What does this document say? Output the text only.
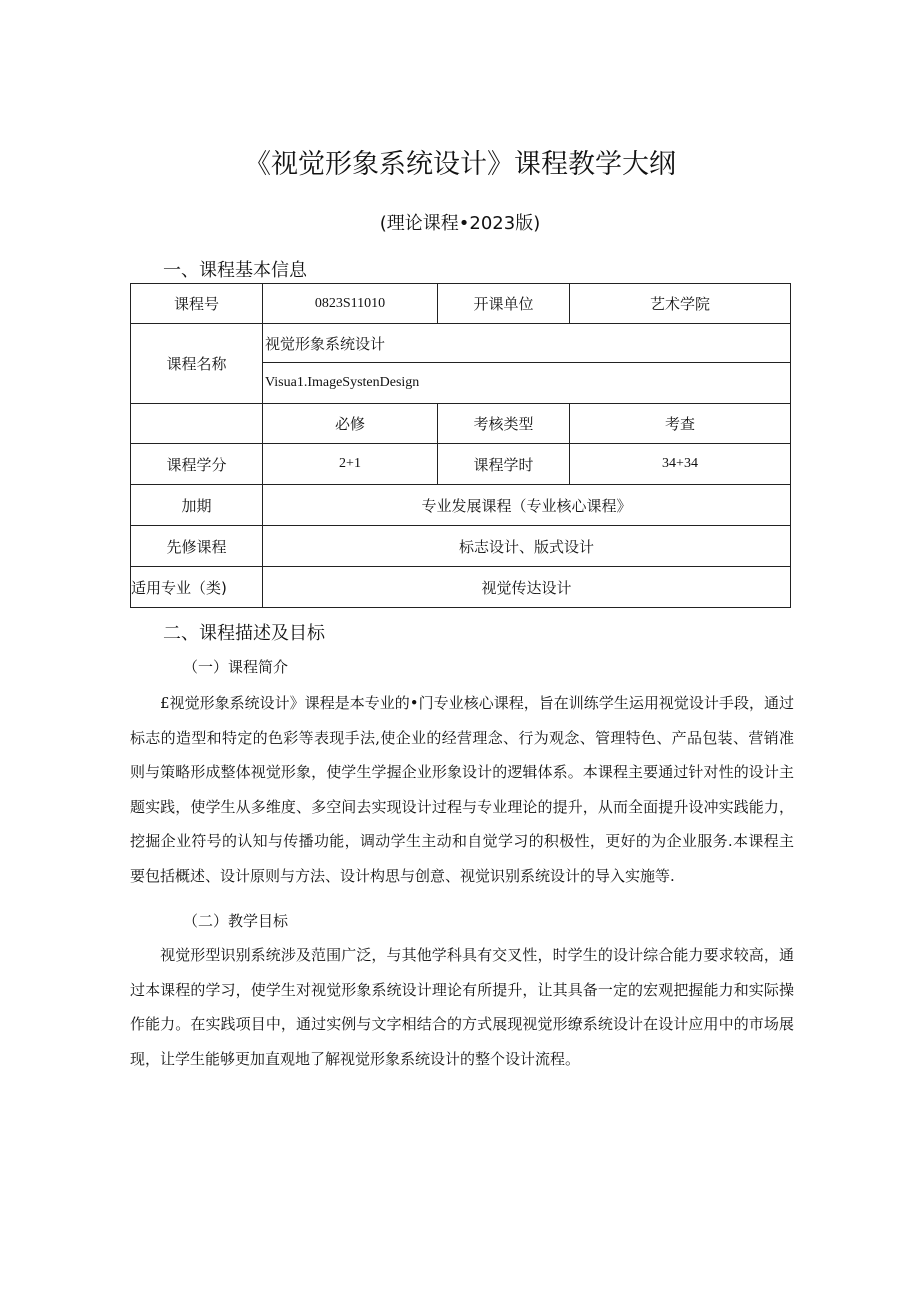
《视觉形象系统设计》课程教学大纲
(理论课程•2023版)
一、课程基本信息
课程号	0823S11010	开课单位	艺术学院
课程名称	视觉形象系统设计		
	Visua1.ImageSystenDesign		
	必修	考核类型	考查
课程学分	2+1	课程学时	34+34
加期	专业发展课程（专业核心课程》		
先修课程	标志设计、版式设计		
适用专业（类)	视觉传达设计		
二、课程描述及目标
（一）课程简介
£视觉形象系统设计》课程是本专业的•门专业核心课程，旨在训练学生运用视觉设计手段，通过标志的造型和特定的色彩等表现手法,使企业的经营理念、行为观念、管理特色、产品包装、营销准则与策略形成整体视觉形象，使学生学握企业形象设计的逻辑体系。本课程主要通过针对性的设计主题实践，使学生从多维度、多空间去实现设计过程与专业理论的提升，从而全面提升设冲实践能力，挖掘企业符号的认知与传播功能，调动学生主动和自觉学习的积极性，更好的为企业服务.本课程主要包括概述、设计原则与方法、设计构思与创意、视觉识别系统设计的导入实施等.
（二）教学目标
视觉形型识别系统涉及范围广泛，与其他学科具有交叉性，时学生的设计综合能力要求较高，通过本课程的学习，使学生对视觉形象系统设计理论有所提升，让其具备一定的宏观把握能力和实际操作能力。在实践项目中，通过实例与文字相结合的方式展现视觉形缭系统设计在设计应用中的市场展现，让学生能够更加直观地了解视觉形象系统设计的整个设计流程。
